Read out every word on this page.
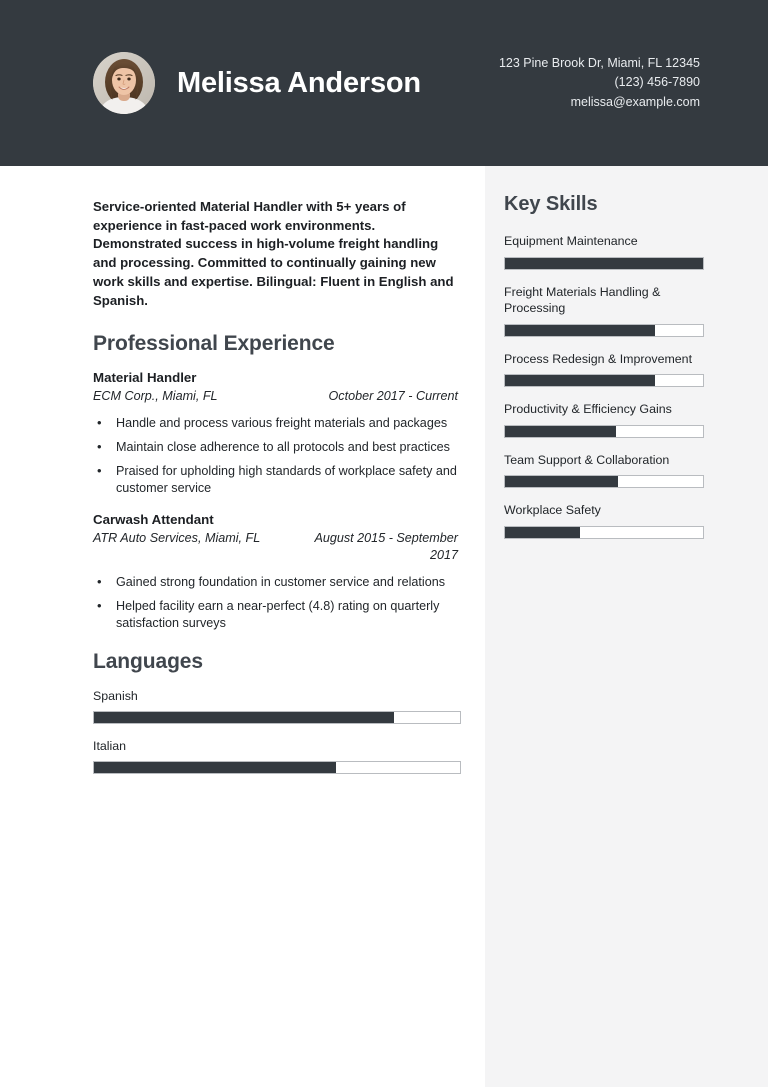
Melissa Anderson
123 Pine Brook Dr, Miami, FL 12345
(123) 456-7890
melissa@example.com
Key Skills
Equipment Maintenance
Freight Materials Handling & Processing
Process Redesign & Improvement
Productivity & Efficiency Gains
Team Support & Collaboration
Workplace Safety
Service-oriented Material Handler with 5+ years of experience in fast-paced work environments. Demonstrated success in high-volume freight handling and processing. Committed to continually gaining new work skills and expertise. Bilingual: Fluent in English and Spanish.
Professional Experience
Material Handler
ECM Corp., Miami, FL	October 2017 - Current
• Handle and process various freight materials and packages
• Maintain close adherence to all protocols and best practices
• Praised for upholding high standards of workplace safety and customer service
Carwash Attendant
ATR Auto Services, Miami, FL	August 2015 - September 2017
• Gained strong foundation in customer service and relations
• Helped facility earn a near-perfect (4.8) rating on quarterly satisfaction surveys
Languages
Spanish
Italian
